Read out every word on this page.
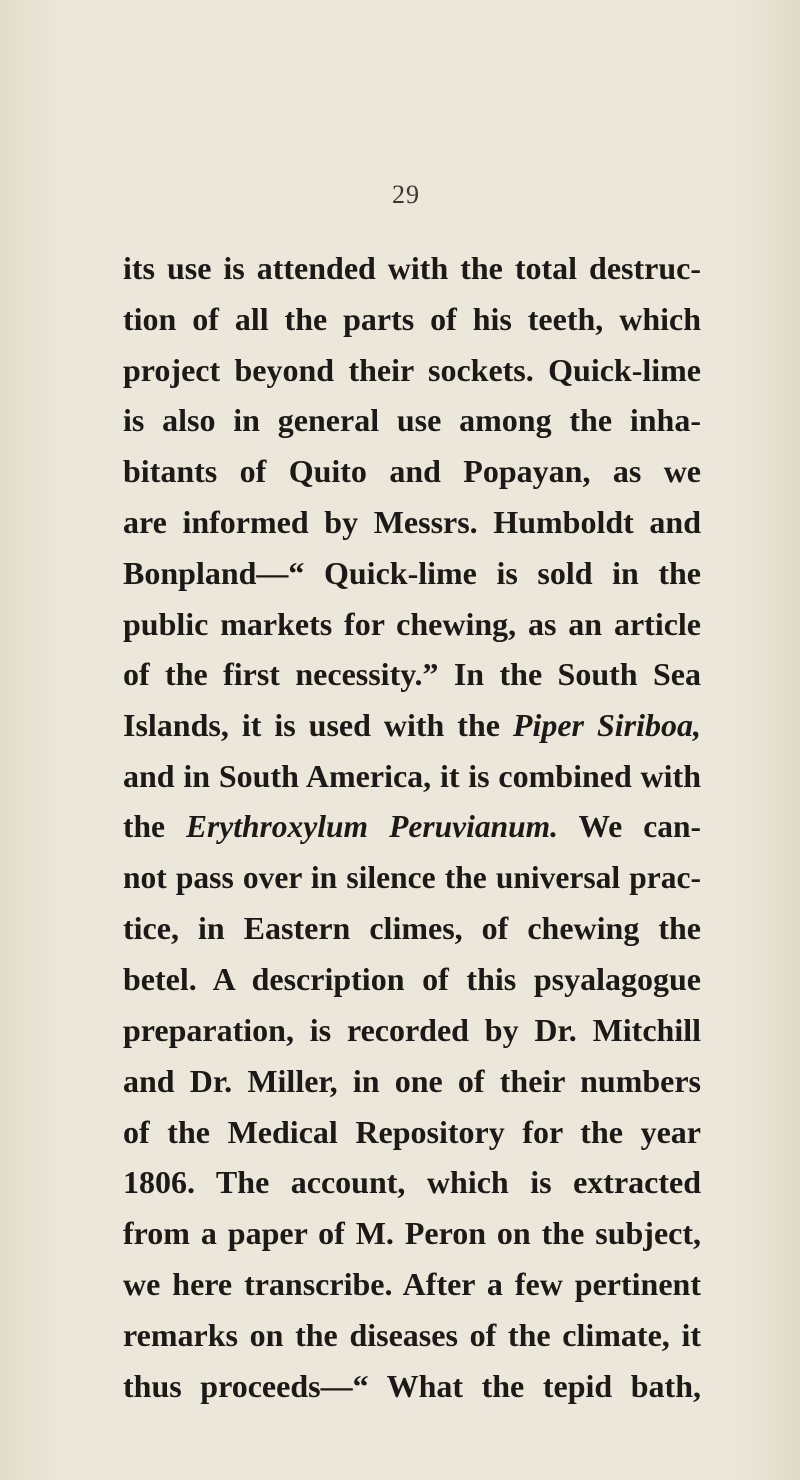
29
its use is attended with the total destruc-
tion of all the parts of his teeth, which
project beyond their sockets. Quick-lime
is also in general use among the inha-
bitants of Quito and Popayan, as we
are informed by Messrs. Humboldt and
Bonpland—“ Quick-lime is sold in the
public markets for chewing, as an article
of the first necessity.” In the South Sea
Islands, it is used with the Piper Siriboa,
and in South America, it is combined with
the Erythroxylum Peruvianum. We can-
not pass over in silence the universal prac-
tice, in Eastern climes, of chewing the
betel. A description of this psyalagogue
preparation, is recorded by Dr. Mitchill
and Dr. Miller, in one of their numbers
of the Medical Repository for the year
1806. The account, which is extracted
from a paper of M. Peron on the subject,
we here transcribe. After a few pertinent
remarks on the diseases of the climate, it
thus proceeds—“ What the tepid bath,
